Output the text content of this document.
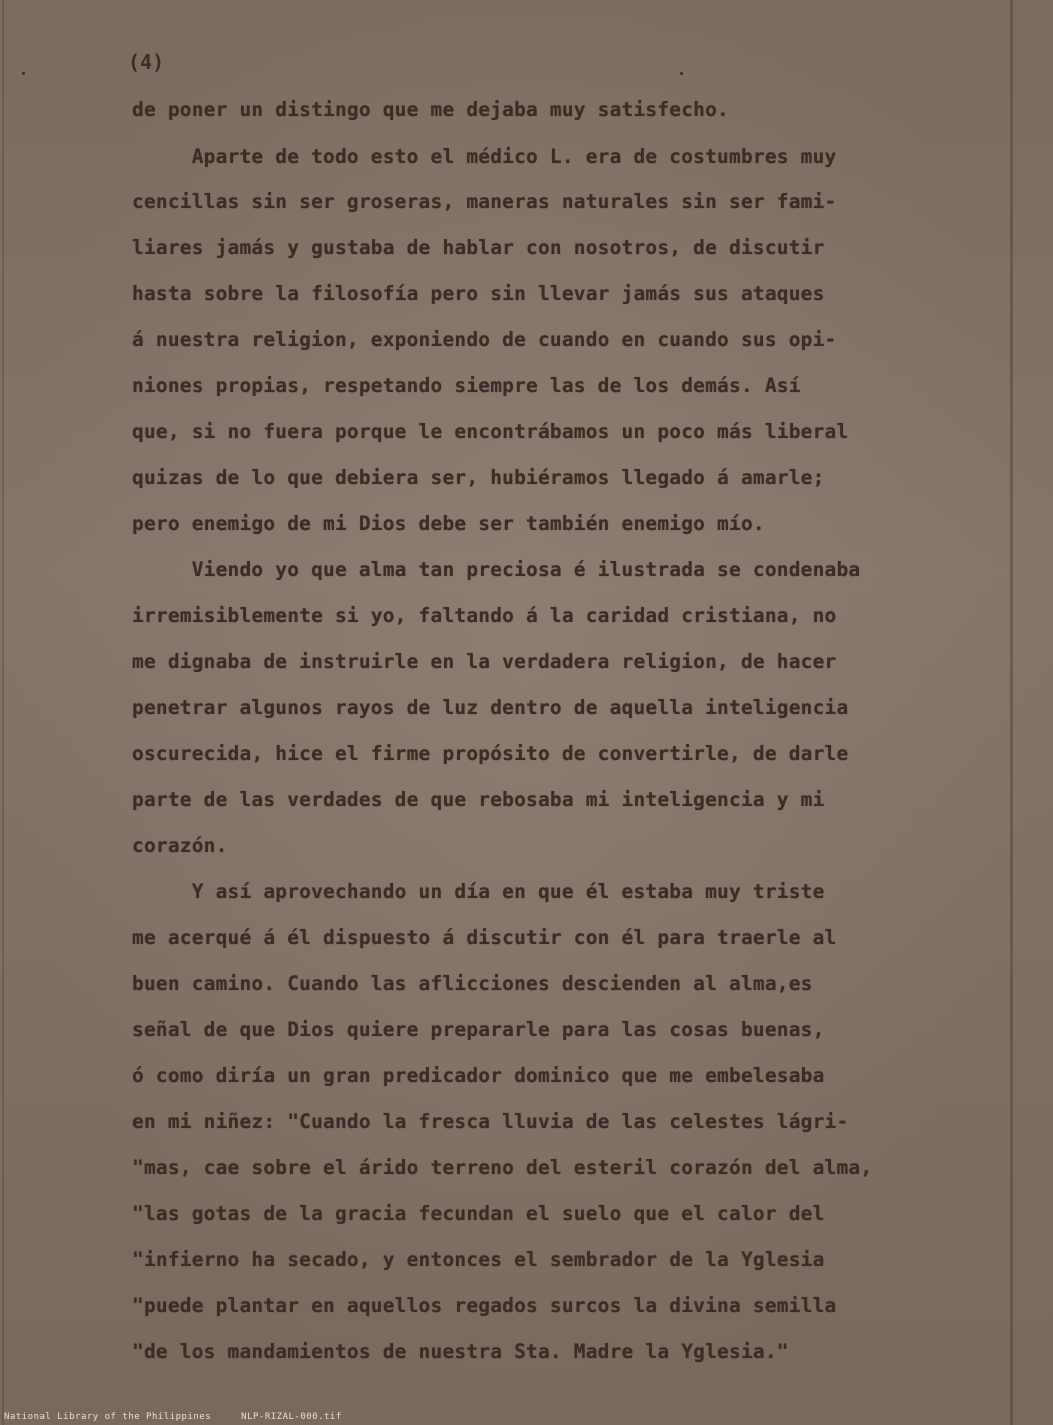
(4)
de poner un distingo que me dejaba muy satisfecho.
Aparte de todo esto el médico L. era de costumbres muy
cencillas sin ser groseras, maneras naturales sin ser fami-
liares jamás y gustaba de hablar con nosotros, de discutir
hasta sobre la filosofía pero sin llevar jamás sus ataques
á nuestra religion, exponiendo de cuando en cuando sus opi-
niones propias, respetando siempre las de los demás. Así
que, si no fuera porque le encontrábamos un poco más liberal
quizas de lo que debiera ser, hubiéramos llegado á amarle;
pero enemigo de mi Dios debe ser también enemigo mío.
Viendo yo que alma tan preciosa é ilustrada se condenaba
irremisiblemente si yo, faltando á la caridad cristiana, no
me dignaba de instruirle en la verdadera religion, de hacer
penetrar algunos rayos de luz dentro de aquella inteligencia
oscurecida, hice el firme propósito de convertirle, de darle
parte de las verdades de que rebosaba mi inteligencia y mi
corazón.
Y así aprovechando un día en que él estaba muy triste
me acerqué á él dispuesto á discutir con él para traerle al
buen camino. Cuando las aflicciones descienden al alma,es
señal de que Dios quiere prepararle para las cosas buenas,
ó como diría un gran predicador dominico que me embelesaba
en mi niñez: "Cuando la fresca lluvia de las celestes lágri-
"mas, cae sobre el árido terreno del esteril corazón del alma,
"las gotas de la gracia fecundan el suelo que el calor del
"infierno ha secado, y entonces el sembrador de la Yglesia
"puede plantar en aquellos regados surcos la divina semilla
"de los mandamientos de nuestra Sta. Madre la Yglesia."
National Library of the Philippines	NLP-RIZAL-000.tif
